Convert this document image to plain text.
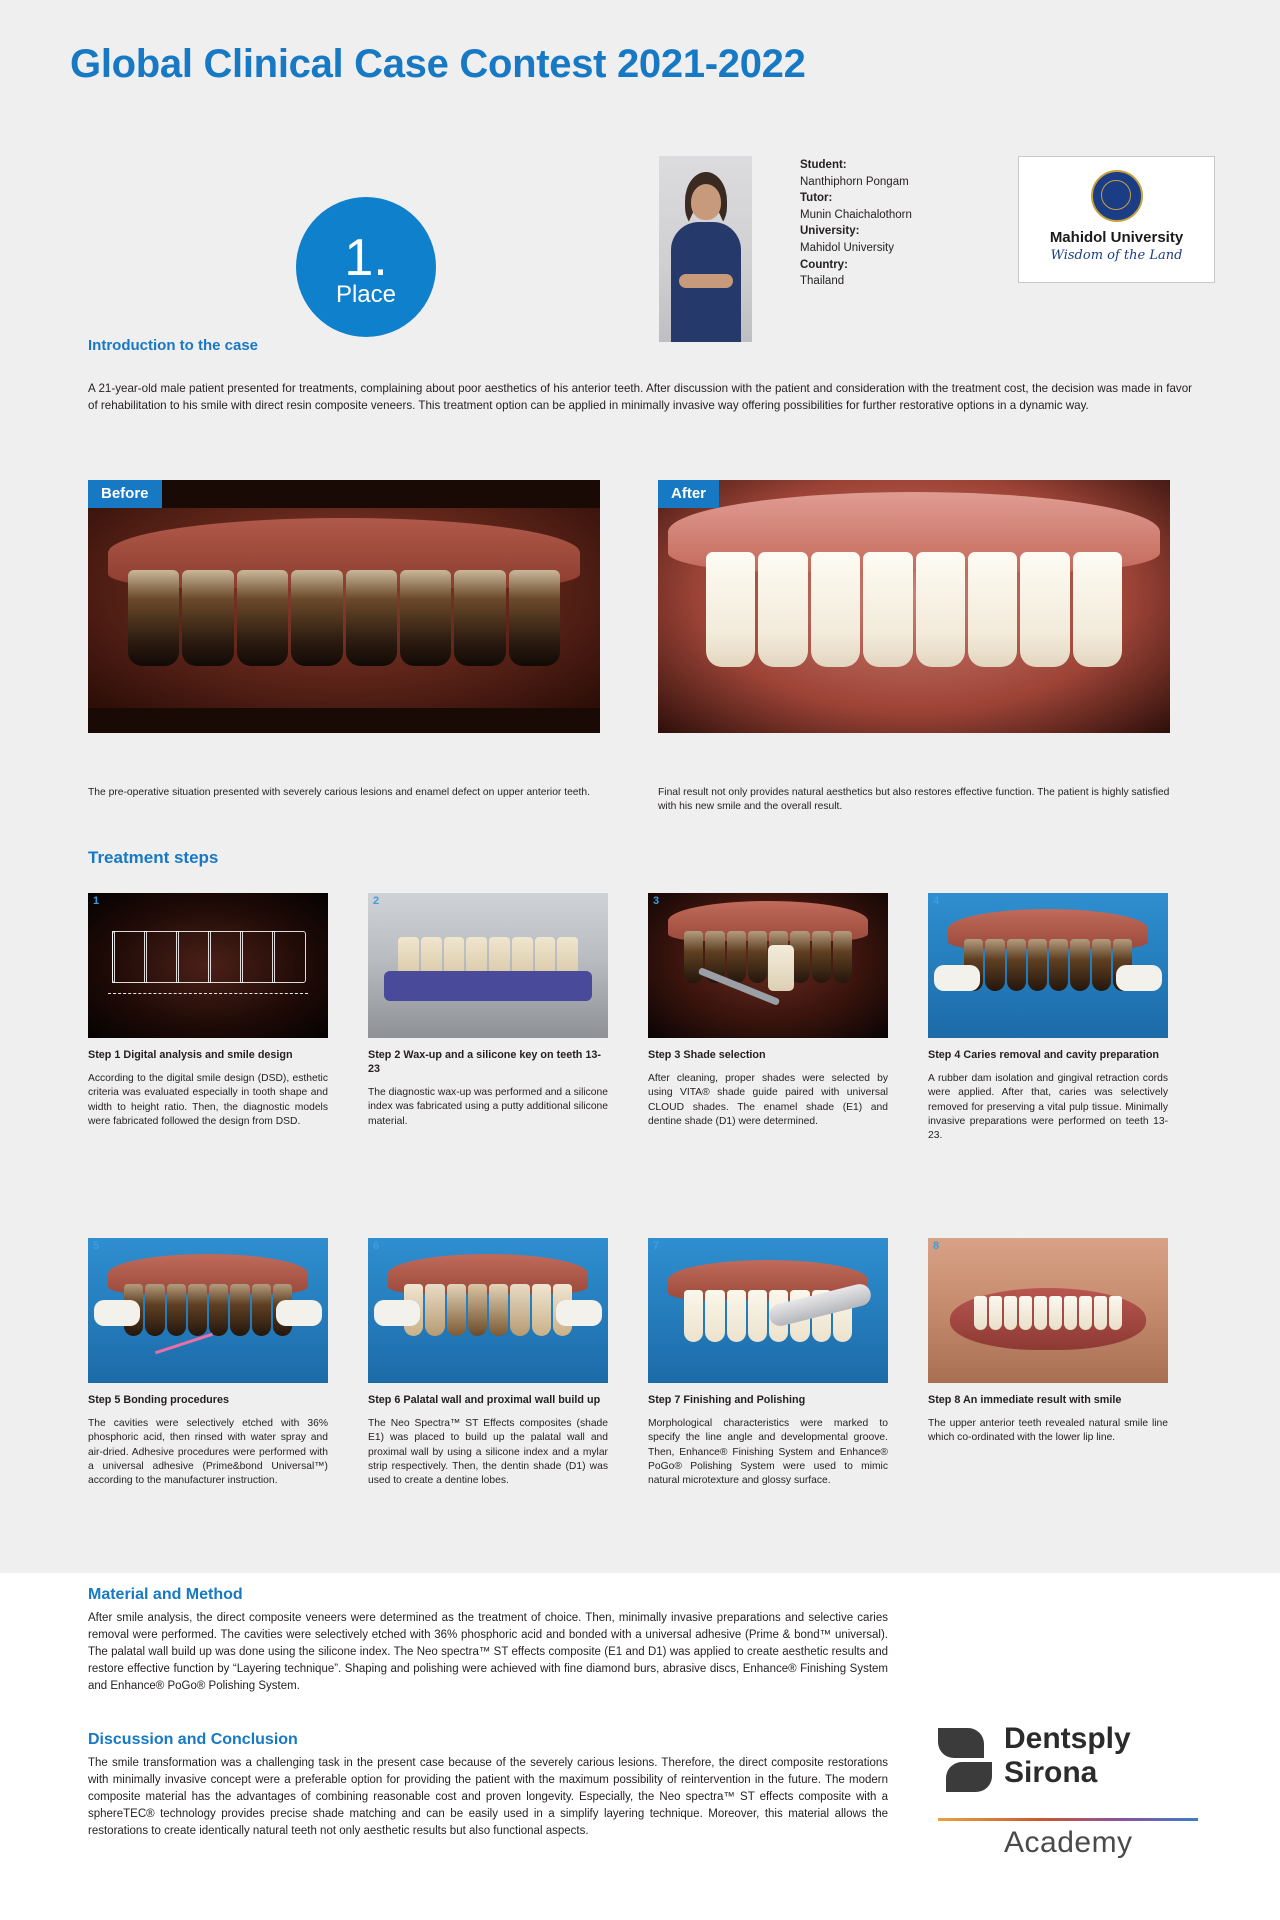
Global Clinical Case Contest 2021-2022
1.
Place
Student:
Nanthiphorn Pongam
Tutor:
Munin Chaichalothorn
University:
Mahidol University
Country:
Thailand
Mahidol University
Wisdom of the Land
Introduction to the case
A 21-year-old male patient presented for treatments, complaining about poor aesthetics of his anterior teeth. After discussion with the patient and consideration with the treatment cost, the decision was made in favor of rehabilitation to his smile with direct resin composite veneers. This treatment option can be applied in minimally invasive way offering possibilities for further restorative options in a dynamic way.
Before	After
The pre-operative situation presented with severely carious lesions and enamel defect on upper anterior teeth.	Final result not only provides natural aesthetics but also restores effective function. The patient is highly satisfied with his new smile and the overall result.
Treatment steps
1
Step 1 Digital analysis and smile design
According to the digital smile design (DSD), esthetic criteria was evaluated especially in tooth shape and width to height ratio. Then, the diagnostic models were fabricated followed the design from DSD.
2
Step 2 Wax-up and a silicone key on teeth 13-23
The diagnostic wax-up was performed and a silicone index was fabricated using a putty additional silicone material.
3
Step 3 Shade selection
After cleaning, proper shades were selected by using VITA® shade guide paired with universal CLOUD shades. The enamel shade (E1) and dentine shade (D1) were determined.
4
Step 4 Caries removal and cavity preparation
A rubber dam isolation and gingival retraction cords were applied. After that, caries was selectively removed for preserving a vital pulp tissue. Minimally invasive preparations were performed on teeth 13-23.
5
Step 5 Bonding procedures
The cavities were selectively etched with 36% phosphoric acid, then rinsed with water spray and air-dried. Adhesive procedures were performed with a universal adhesive (Prime&bond Universal™) according to the manufacturer instruction.
6
Step 6 Palatal wall and proximal wall build up
The Neo Spectra™ ST Effects composites (shade E1) was placed to build up the palatal wall and proximal wall by using a silicone index and a mylar strip respectively. Then, the dentin shade (D1) was used to create a dentine lobes.
7
Step 7 Finishing and Polishing
Morphological characteristics were marked to specify the line angle and developmental groove. Then, Enhance® Finishing System and Enhance® PoGo® Polishing System were used to mimic natural microtexture and glossy surface.
8
Step 8 An immediate result with smile
The upper anterior teeth revealed natural smile line which co-ordinated with the lower lip line.
Material and Method
After smile analysis, the direct composite veneers were determined as the treatment of choice. Then, minimally invasive preparations and selective caries removal were performed. The cavities were selectively etched with 36% phosphoric acid and bonded with a universal adhesive (Prime & bond™ universal). The palatal wall build up was done using the silicone index. The Neo spectra™ ST effects composite (E1 and D1) was applied to create aesthetic results and restore effective function by “Layering technique”. Shaping and polishing were achieved with fine diamond burs, abrasive discs, Enhance® Finishing System and Enhance® PoGo® Polishing System.
Discussion and Conclusion
The smile transformation was a challenging task in the present case because of the severely carious lesions. Therefore, the direct composite restorations with minimally invasive concept were a preferable option for providing the patient with the maximum possibility of reintervention in the future. The modern composite material has the advantages of combining reasonable cost and proven longevity. Especially, the Neo spectra™ ST effects composite with a sphereTEC® technology provides precise shade matching and can be easily used in a simplify layering technique. Moreover, this material allows the restorations to create identically natural teeth not only aesthetic results but also functional aspects.
Dentsply
Sirona
Academy
